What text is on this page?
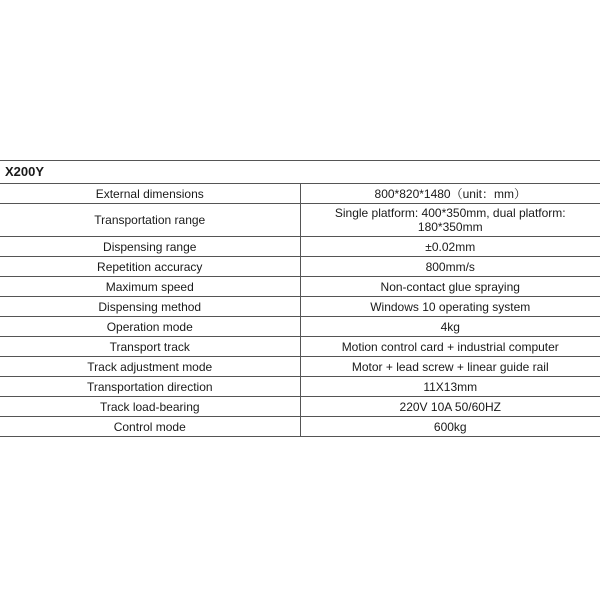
X200Y	
External dimensions	800*820*1480（unit：mm）
Transportation range	Single platform: 400*350mm, dual platform: 180*350mm
Dispensing range	±0.02mm
Repetition accuracy	800mm/s
Maximum speed	Non-contact glue spraying
Dispensing method	Windows 10 operating system
Operation mode	4kg
Transport track	Motion control card + industrial computer
Track adjustment mode	Motor + lead screw + linear guide rail
Transportation direction	11X13mm
Track load-bearing	220V 10A 50/60HZ
Control mode	600kg
